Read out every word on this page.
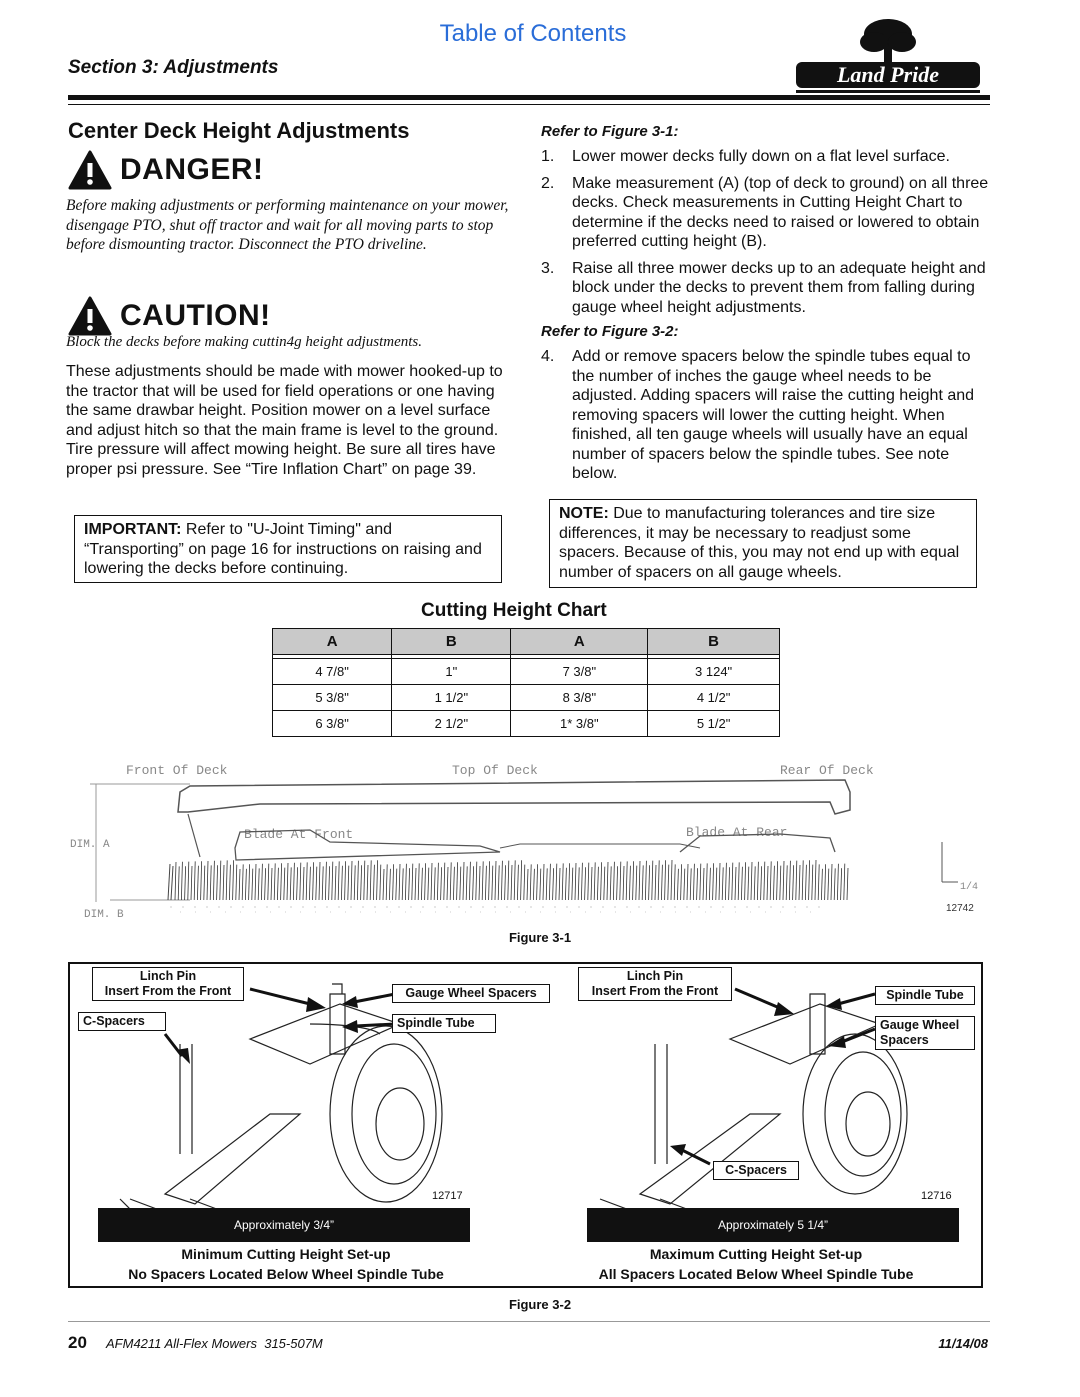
Table of Contents
Section 3: Adjustments	Land Pride
Center Deck Height Adjustments
DANGER!
Before making adjustments or performing maintenance on your mower, disengage PTO, shut off tractor and wait for all moving parts to stop before dismounting tractor. Disconnect the PTO driveline.
CAUTION!
Block the decks before making cuttin4g height adjustments.
These adjustments should be made with mower hooked-up to the tractor that will be used for field operations or one having the same drawbar height. Position mower on a level surface and adjust hitch so that the main frame is level to the ground. Tire pressure will affect mowing height. Be sure all tires have proper psi pressure. See “Tire Inflation Chart” on page 39.
IMPORTANT: Refer to "U-Joint Timing" and “Transporting” on page 16 for instructions on raising and lowering the decks before continuing.
Refer to Figure 3-1:
1.	Lower mower decks fully down on a flat level surface.
2.	Make measurement (A) (top of deck to ground) on all three decks. Check measurements in Cutting Height Chart to determine if the decks need to raised or lowered to obtain preferred cutting height (B).
3.	Raise all three mower decks up to an adequate height and block under the decks to prevent them from falling during gauge wheel height adjustments.
Refer to Figure 3-2:
4.	Add or remove spacers below the spindle tubes equal to the number of inches the gauge wheel needs to be adjusted. Adding spacers will raise the cutting height and removing spacers will lower the cutting height. When finished, all ten gauge wheels will usually have an equal number of spacers below the spindle tubes. See note below.
NOTE: Due to manufacturing tolerances and tire size differences, it may be necessary to readjust some spacers. Because of this, you may not end up with equal number of spacers on all gauge wheels.
Cutting Height Chart
A	B	A	B

4 7/8"	1"	7 3/8"	3 124"
5 3/8"	1 1/2"	8 3/8"	4 1/2"
6 3/8"	2 1/2"	1* 3/8"	5 1/2"
Front Of Deck	Top Of Deck	Rear Of Deck
Blade At Front	Blade At Rear
DIM. A
DIM. B
1/4
12742
Figure 3-1
Linch Pin
Insert From the Front	Gauge Wheel Spacers
C-Spacers	Spindle Tube
12717
Linch Pin
Insert From the Front	Spindle Tube
Gauge Wheel
Spacers
C-Spacers
12716
Approximately 3/4”	Approximately 5 1/4”
Minimum Cutting Height Set-up
No Spacers Located Below Wheel Spindle Tube
Maximum Cutting Height Set-up
All Spacers Located Below Wheel Spindle Tube
Figure 3-2
20 AFM4211 All-Flex Mowers 315-507M	11/14/08
